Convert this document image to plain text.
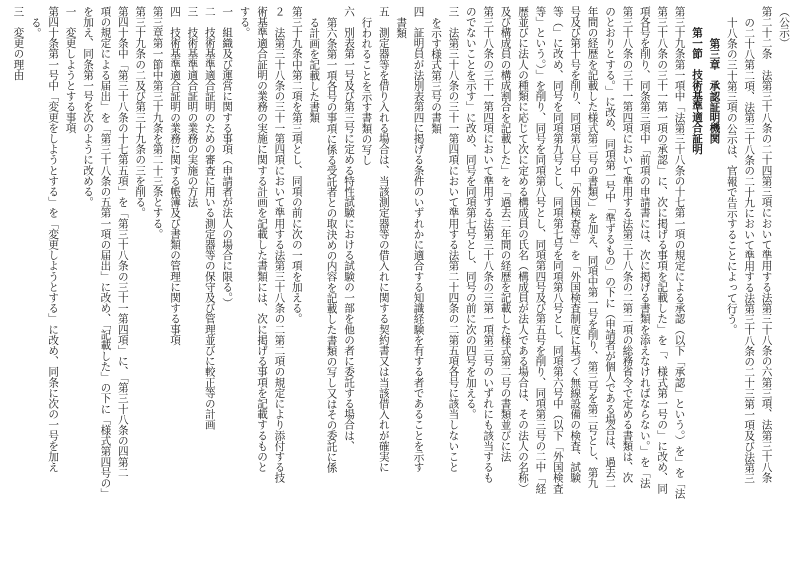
（公示）
第二十二条　法第三十八条の二十四第三項において準用する法第三十八条の六第三項、法第三十八条
の二十八第二項、法第三十八条の二十九において準用する法第三十八条の二十三第一項及び法第三
十八条の三十第三項の公示は、官報で告示することによって行う。
第三章　承認証明機関
第一節　技術基準適合証明
第三十九条第一項中「法第三十八条の十七第一項の規定による承認（以下「承認」という。）を」を「法
第三十八条の三十一第一項の承認」に、次に掲げる事項を記載した」を「、様式第一号の」に改め、同
項各号を削り、同条第三項中「前項の申請書には、次に掲げる書類を添えなければならない。」を「法
第三十八条の三十一第四項において準用する法第三十八条の二第二項の総務省令で定める書類は、次
のとおりとする。」に改め、同項第一号中「準ずるもの」の下に（申請者が個人である場合は、過去二
年間の経歴を記載した様式第二号の書類）」を加え、同項中第一号を削り、第三号を第二号とし、第九
号及び第十号を削り、同項第八号中「外国検査等」を「外国検査制度に基づく無線設備の検査、試験
等（」に改め、同号を同項第九号とし、同項第七号を同項第八号とし、同項第六号中（以下「外国検査
等」という。）」を削り、同号を同項第八号とし、同項第四号及び第五号を削り、同項第三号の二中「経
歴並びに法人の種類に応じて次に定める構成員の氏名（構成員が法人である場合は、その法人の名称）
及び構成員の構成割合を記載した」を「過去二年間の経歴を記載した様式第二号の書類並びに法
第三十八条の三十一第四項において準用する法第三十八条の三第一項第三号のいずれにも該当するも
のでないことを示す」に改め、同号を同項第七号とし、同号の前に次の四号を加える。
三　法第三十八条の三十一第四項において準用する法第二十四条の二第五項各号に該当しないこと
を示す様式第三号の書類
四　証明員が法別表第四に掲げる条件のいずれかに適合する知識経験を有する者であることを示す
書類
五　測定器等を借り入れる場合は、当該測定器等の借入れに関する契約書又は当該借入れが確実に
行われることを示す書類の写し
六　別表第一号及び第三号に定める特性試験における試験の一部を他の者に委託する場合は、
第六条第一項各号の事項に係る受託者との取決めの内容を記載した書類の写し又はその委託に係
る計画を記載した書類
第三十九条中第二項を第三項とし、同項の前に次の一項を加える。
２　法第三十八条の三十一第四項において準用する法第三十八条の二第二項の規定により添付する技
術基準適合証明の業務の実施に関する計画を記載した書類には、次に掲げる事項を記載するものと
する。
一　組織及び運営に関する事項（申請者が法人の場合に限る。）
二　技術基準適合証明のための審査に用いる測定器等の保守及び管理並びに較正等の計画
三　技術基準適合証明の業務の実施の方法
四　技術基準適合証明の業務に関する帳簿及び書類の管理に関する事項
第三章第一節中第三十九条を第二十三条とする。
第三十九条の二及び第三十九条の三を削る。
第四十条中「第三十八条の十七第五項」を「第三十八条の三十一第四項」に、「第三十八条の四第二
項の規定による届出」を「第三十八条の五第一項の届出」に改め、「記載した」の下に「様式第四号の」
を加え、同条第一号を次のように改める。
一　変更しようとする事項
第四十条第一号中「変更をしようとする」を「変更しようとする」に改め、同条に次の一号を加え
る。
三　変更の理由
